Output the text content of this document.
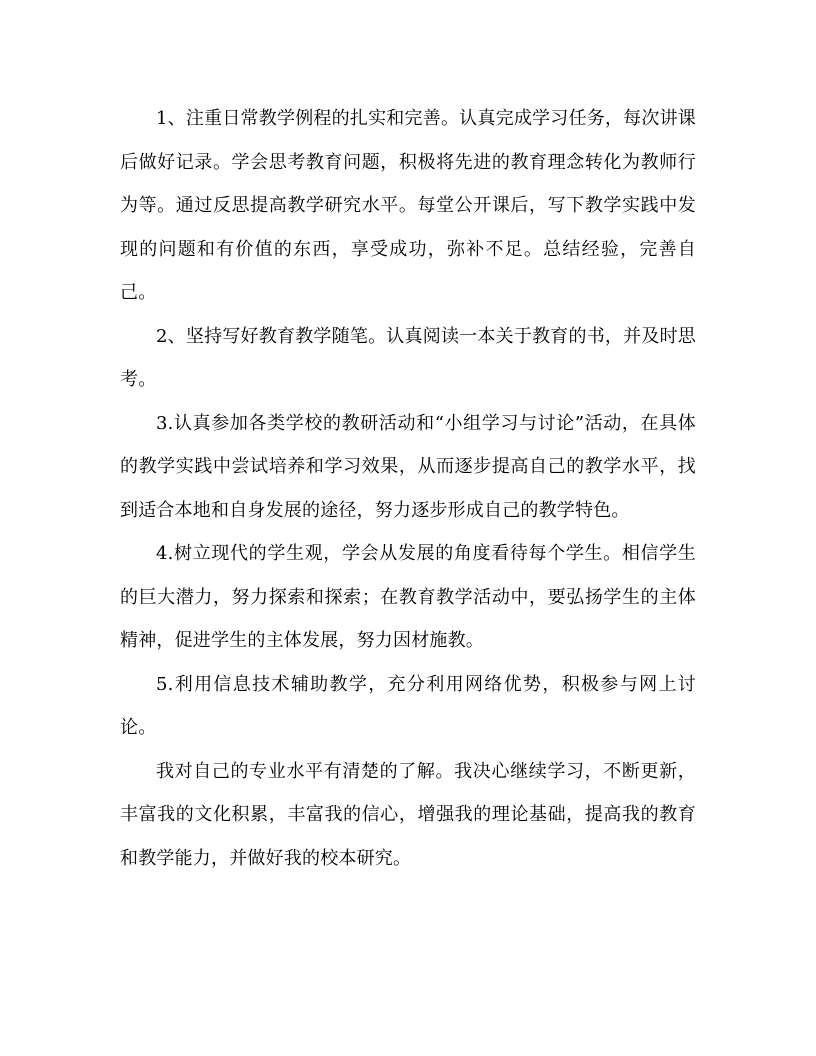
1、注重日常教学例程的扎实和完善。认真完成学习任务，每次讲课后做好记录。学会思考教育问题，积极将先进的教育理念转化为教师行为等。通过反思提高教学研究水平。每堂公开课后，写下教学实践中发现的问题和有价值的东西，享受成功，弥补不足。总结经验，完善自己。

2、坚持写好教育教学随笔。认真阅读一本关于教育的书，并及时思考。

3.认真参加各类学校的教研活动和“小组学习与讨论”活动，在具体的教学实践中尝试培养和学习效果，从而逐步提高自己的教学水平，找到适合本地和自身发展的途径，努力逐步形成自己的教学特色。

4.树立现代的学生观，学会从发展的角度看待每个学生。相信学生的巨大潜力，努力探索和探索；在教育教学活动中，要弘扬学生的主体精神，促进学生的主体发展，努力因材施教。

5.利用信息技术辅助教学，充分利用网络优势，积极参与网上讨论。

我对自己的专业水平有清楚的了解。我决心继续学习，不断更新，丰富我的文化积累，丰富我的信心，增强我的理论基础，提高我的教育和教学能力，并做好我的校本研究。
